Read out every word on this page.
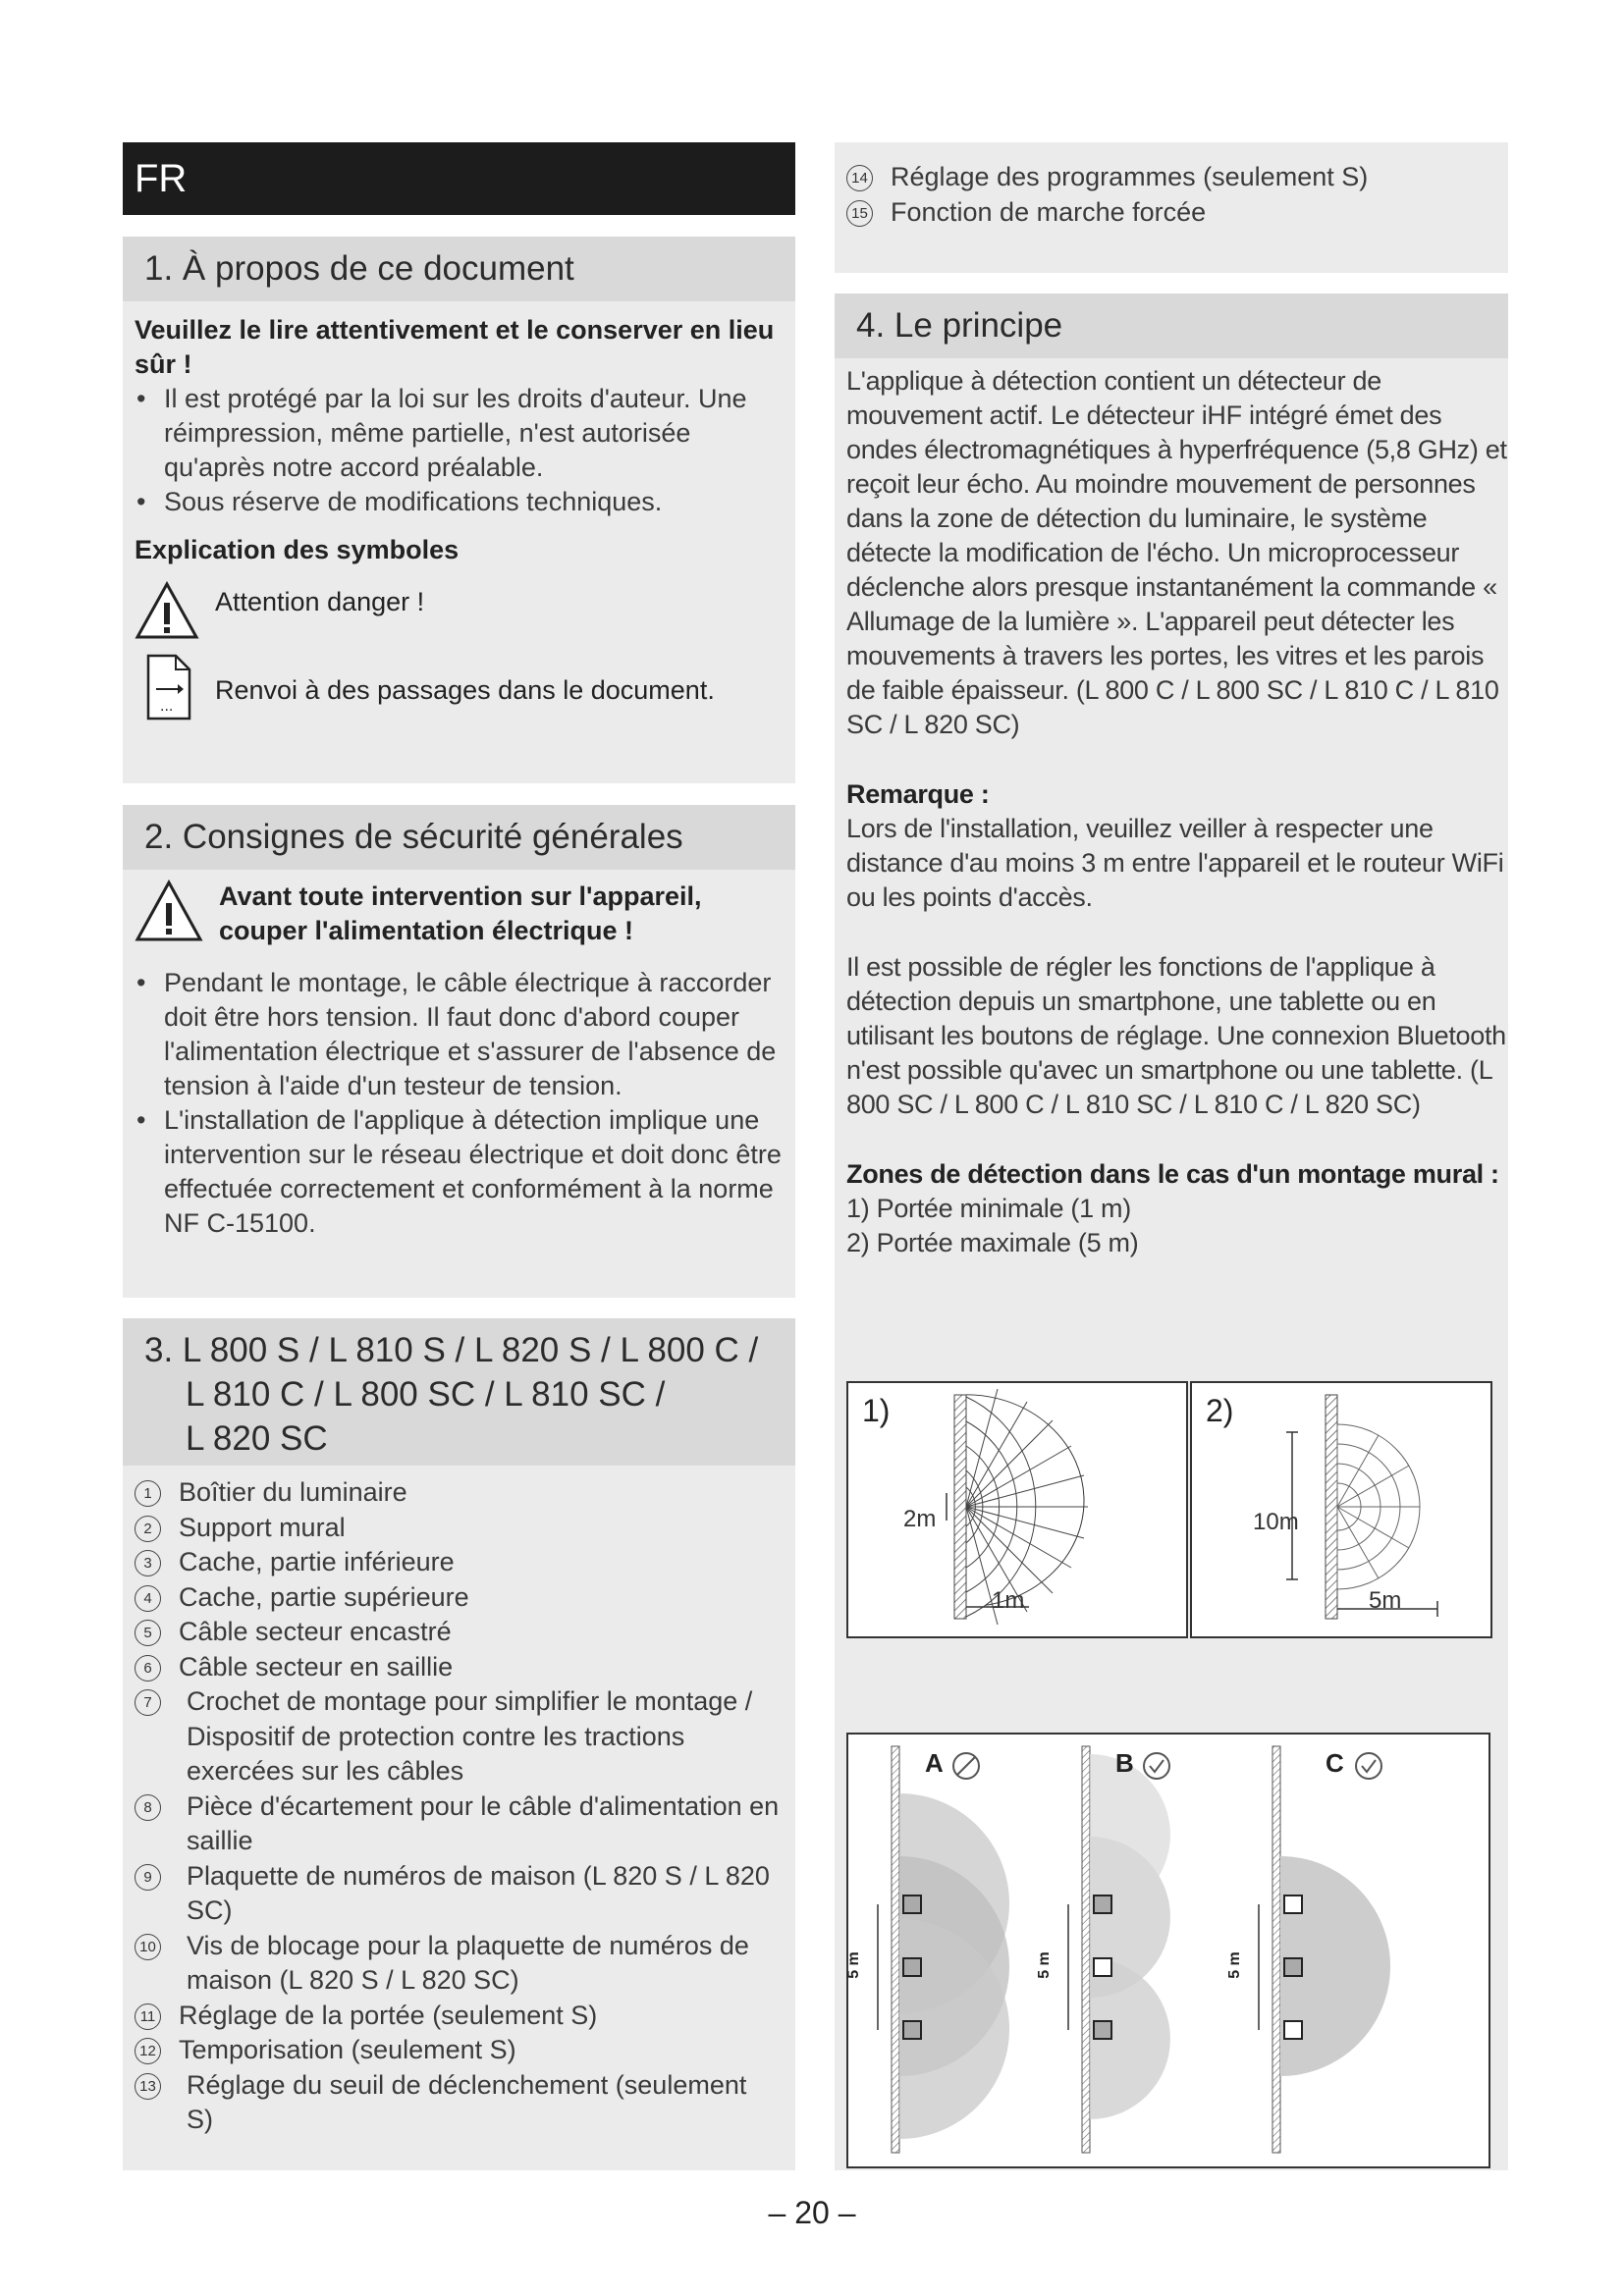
FR
1. À propos de ce document
Veuillez le lire attentivement et le conserver en lieu sûr !
• Il est protégé par la loi sur les droits d'auteur. Une réimpression, même partielle, n'est autorisée qu'après notre accord préalable.
• Sous réserve de modifications techniques.
Explication des symboles
Attention danger !
...
Renvoi à des passages dans le document.
2. Consignes de sécurité générales
Avant toute intervention sur l'appareil, couper l'alimentation électrique !
• Pendant le montage, le câble électrique à raccorder doit être hors tension. Il faut donc d'abord couper l'alimentation électrique et s'assurer de l'absence de tension à l'aide d'un testeur de tension.
• L'installation de l'applique à détection implique une intervention sur le réseau électrique et doit donc être effectuée correctement et conformément à la norme NF C-15100.
3. L 800 S / L 810 S / L 820 S / L 800 C /
L 810 C / L 800 SC / L 810 SC /
L 820 SC
1	Boîtier du luminaire
2	Support mural
3	Cache, partie inférieure
4	Cache, partie supérieure
5	Câble secteur encastré
6	Câble secteur en saillie
7	Crochet de montage pour simplifier le montage / Dispositif de protection contre les tractions exercées sur les câbles
8	Pièce d'écartement pour le câble d'alimentation en saillie
9	Plaquette de numéros de maison (L 820 S / L 820 SC)
10 Vis de blocage pour la plaquette de numéros de maison (L 820 S / L 820 SC)
11 Réglage de la portée (seulement S)
12 Temporisation (seulement S)
13 Réglage du seuil de déclenchement (seulement S)
14 Réglage des programmes (seulement S)
15 Fonction de marche forcée
4. Le principe
L'applique à détection contient un détecteur de mouvement actif. Le détecteur iHF intégré émet des ondes électromagnétiques à hyperfréquence (5,8 GHz) et reçoit leur écho. Au moindre mouvement de personnes dans la zone de détection du luminaire, le système détecte la modification de l'écho. Un microprocesseur déclenche alors presque instantanément la commande « Allumage de la lumière ». L'appareil peut détecter les mouvements à travers les portes, les vitres et les parois de faible épaisseur. (L 800 C / L 800 SC / L 810 C / L 810 SC / L 820 SC)
Remarque :
Lors de l'installation, veuillez veiller à respecter une distance d'au moins 3 m entre l'appareil et le routeur WiFi ou les points d'accès.
Il est possible de régler les fonctions de l'applique à détection depuis un smartphone, une tablette ou en utilisant les boutons de réglage. Une connexion Bluetooth n'est possible qu'avec un smartphone ou une tablette. (L 800 SC / L 800 C / L 810 SC / L 810 C / L 820 SC)
Zones de détection dans le cas d'un montage mural :
1) Portée minimale (1 m)
2) Portée maximale (5 m)
1)
2m
1m
2)
10m
5m
A	B	C
5 m	5 m	5 m
– 20 –
